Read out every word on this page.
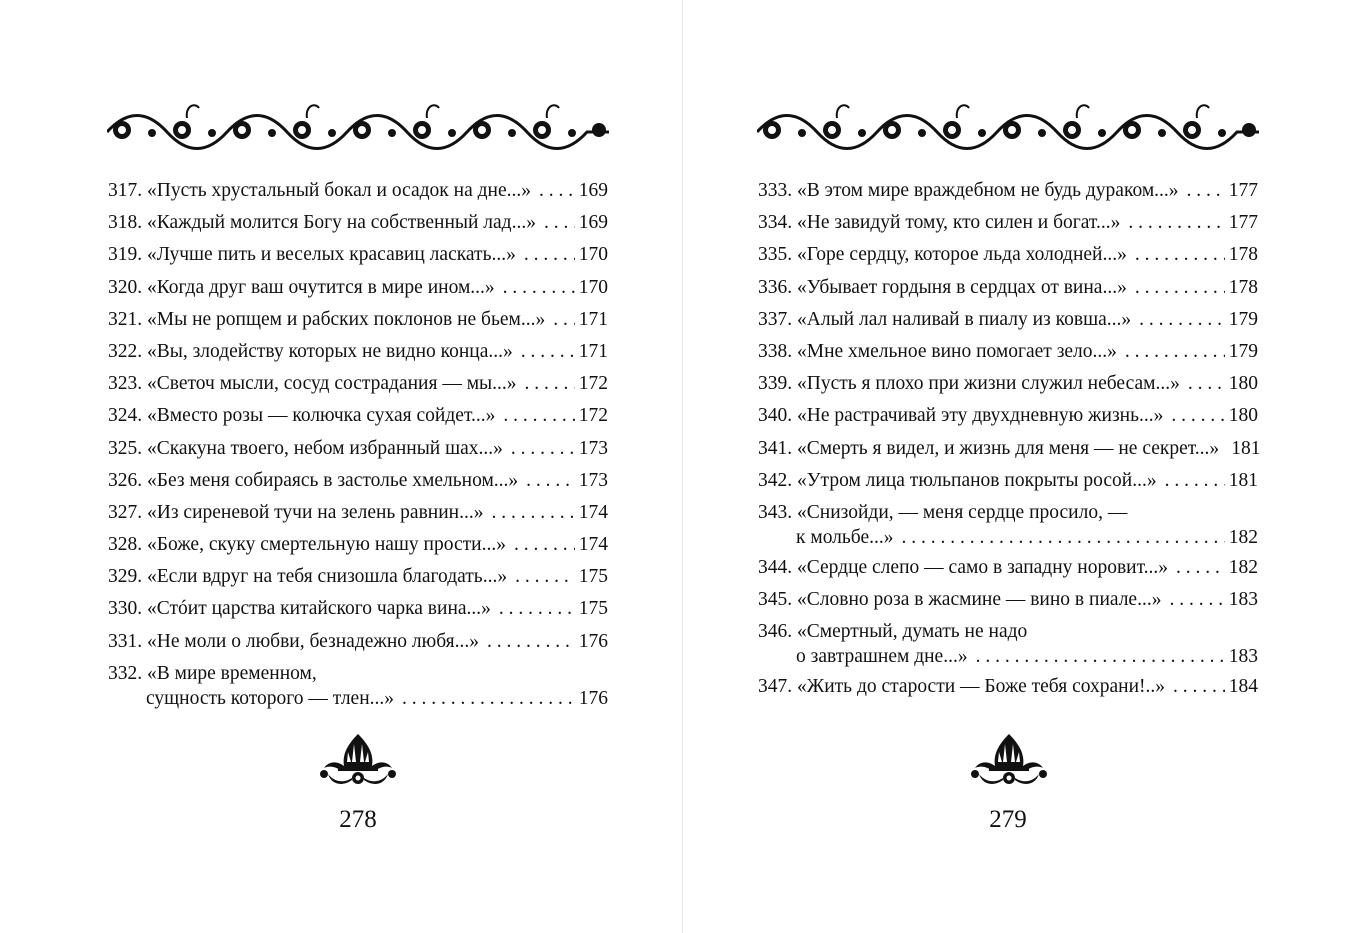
317.
«Пусть хрустальный бокал и осадок на дне...» . . . 169
318.
«Каждый молится Богу на собственный лад...» . . . 169
319.
«Лучше пить и веселых красавиц ласкать...» . . .	170
320.
«Когда друг ваш очутится в мире ином...» . . .	170
321.
«Мы не ропщем и рабских поклонов не бьем...» . . . 171
322.
«Вы, злодейству которых не видно конца...» . . .	171
323.
«Светоч мысли, сосуд сострадания — мы...» . . .	172
324.
«Вместо розы — колючка сухая сойдет...» . . .	172
325.
«Скакуна твоего, небом избранный шах...» . . .	173
326.
«Без меня собираясь в застолье хмельном...» . . .	173
327.
«Из сиреневой тучи на зелень равнин...» . . .	174
328.
«Боже, скуку смертельную нашу прости...» . . .	174
329.
«Если вдруг на тебя снизошла благодать...» . . .	175
330.
«Стóит царства китайского чарка вина...» . . .	175
331.
«Не моли о любви, безнадежно любя...» . . .	176
332.
«В мире временном,
сущность которого — тлен...» . . .	176
278
333.
«В этом мире враждебном не будь дураком...» . . .	177
334.
«Не завидуй тому, кто силен и богат...» . . .	177
335.
«Горе сердцу, которое льда холодней...» . . .	178
336.
«Убывает гордыня в сердцах от вина...» . . .	178
337.
«Алый лал наливай в пиалу из ковша...» . . .	179
338.
«Мне хмельное вино помогает зело...» . . .	179
339.
«Пусть я плохо при жизни служил небесам...» . . .	180
340.
«Не растрачивай эту двухдневную жизнь...» . . .	180
341.
«Смерть я видел, и жизнь для меня — не секрет...» 181
342.
«Утром лица тюльпанов покрыты росой...» . . .	181
343.
«Снизойди, — меня сердце просило, —
к мольбе...» . . .	182
344.
«Сердце слепо — само в западну норовит...» . . .	182
345.
«Словно роза в жасмине — вино в пиале...» . . .	183
346.
«Смертный, думать не надо
о завтрашнем дне...» . . .	183
347.
«Жить до старости — Боже тебя сохрани!..» . . .	184
279
